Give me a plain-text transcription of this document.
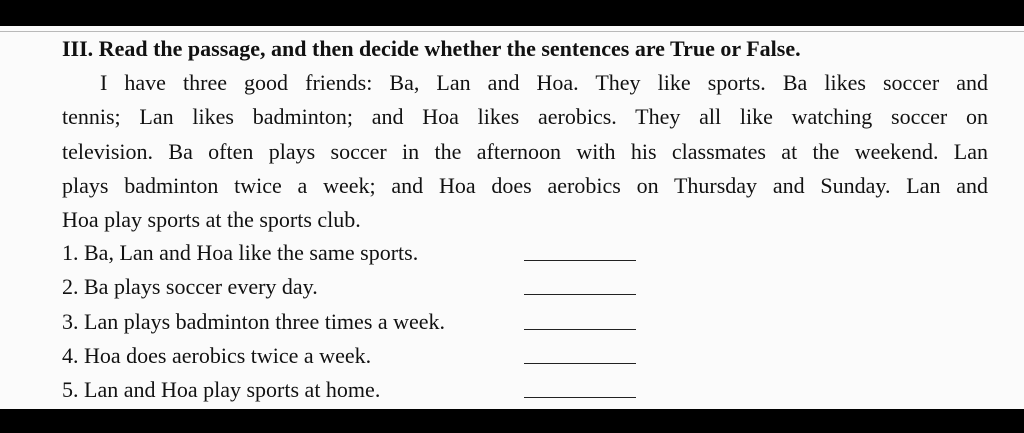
III. Read the passage, and then decide whether the sentences are True or False.
I have three good friends: Ba, Lan and Hoa. They like sports. Ba likes soccer and
tennis; Lan likes badminton; and Hoa likes aerobics. They all like watching soccer on
television. Ba often plays soccer in the afternoon with his classmates at the weekend. Lan
plays badminton twice a week; and Hoa does aerobics on Thursday and Sunday. Lan and
Hoa play sports at the sports club.
1. Ba, Lan and Hoa like the same sports.
2. Ba plays soccer every day.
3. Lan plays badminton three times a week.
4. Hoa does aerobics twice a week.
5. Lan and Hoa play sports at home.
